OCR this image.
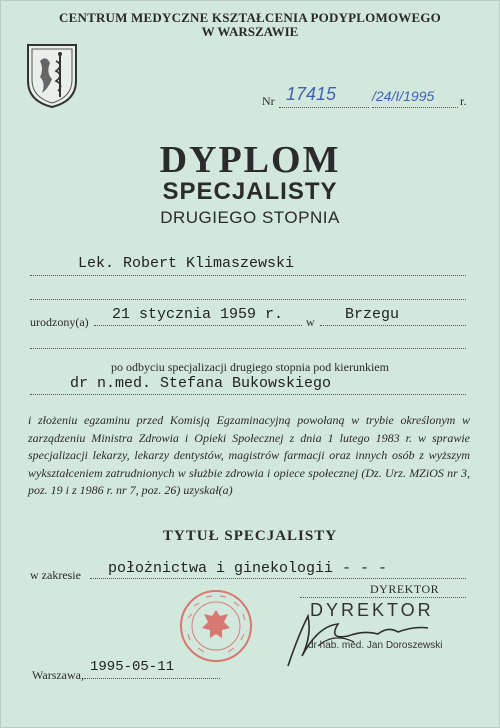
CENTRUM MEDYCZNE KSZTAŁCENIA PODYPLOMOWEGO
W WARSZAWIE
Nr 17415	/24/I/1995 r.
DYPLOM
SPECJALISTY
DRUGIEGO STOPNIA
Lek. Robert Klimaszewski
urodzony(a) 21 stycznia 1959 r. w Brzegu
po odbyciu specjalizacji drugiego stopnia pod kierunkiem
dr n.med. Stefana Bukowskiego
i złożeniu egzaminu przed Komisją Egzaminacyjną powołaną w trybie określonym w zarządzeniu Ministra Zdrowia i Opieki Społecznej z dnia 1 lutego 1983 r. w sprawie specjalizacji lekarzy, lekarzy dentystów, magistrów farmacji oraz innych osób z wyższym wykształceniem zatrudnionych w służbie zdrowia i opiece społecznej (Dz. Urz. MZiOS nr 3, poz. 19 i z 1986 r. nr 7, poz. 26) uzyskał(a)
TYTUŁ SPECJALISTY
w zakresie położnictwa i ginekologii - - -
DYREKTOR
DYREKTOR
dr hab. med. Jan Doroszewski
Warszawa, 1995-05-11
